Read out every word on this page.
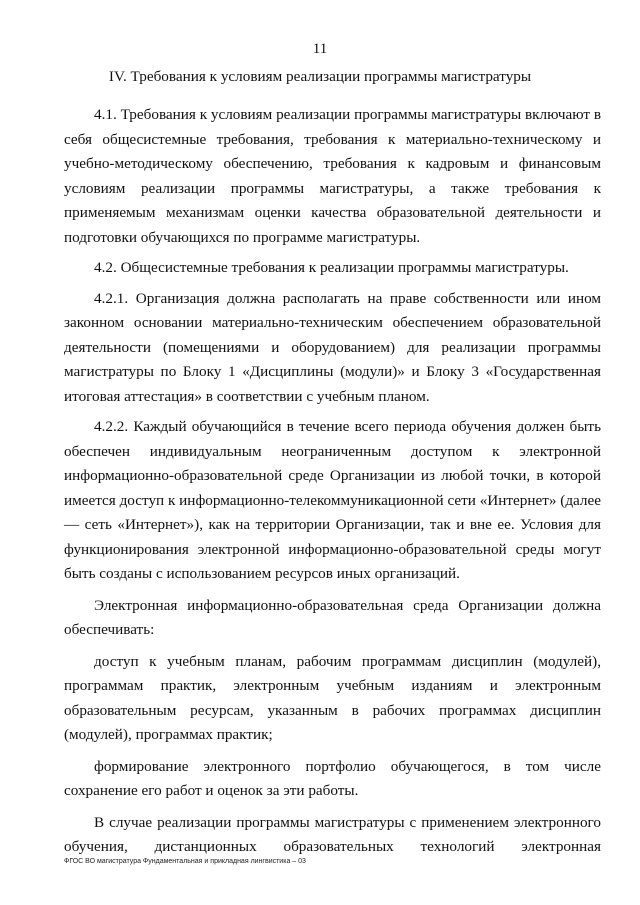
11
IV. Требования к условиям реализации программы магистратуры

4.1. Требования к условиям реализации программы магистратуры включают в себя общесистемные требования, требования к материально-техническому и учебно-методическому обеспечению, требования к кадровым и финансовым условиям реализации программы магистратуры, а также требования к применяемым механизмам оценки качества образовательной деятельности и подготовки обучающихся по программе магистратуры.

4.2. Общесистемные требования к реализации программы магистратуры.

4.2.1. Организация должна располагать на праве собственности или ином законном основании материально-техническим обеспечением образовательной деятельности (помещениями и оборудованием) для реализации программы магистратуры по Блоку 1 «Дисциплины (модули)» и Блоку 3 «Государственная итоговая аттестация» в соответствии с учебным планом.

4.2.2. Каждый обучающийся в течение всего периода обучения должен быть обеспечен индивидуальным неограниченным доступом к электронной информационно-образовательной среде Организации из любой точки, в которой имеется доступ к информационно-телекоммуникационной сети «Интернет» (далее — сеть «Интернет»), как на территории Организации, так и вне ее. Условия для функционирования электронной информационно-образовательной среды могут быть созданы с использованием ресурсов иных организаций.

Электронная информационно-образовательная среда Организации должна обеспечивать:

доступ к учебным планам, рабочим программам дисциплин (модулей), программам практик, электронным учебным изданиям и электронным образовательным ресурсам, указанным в рабочих программах дисциплин (модулей), программах практик;

формирование электронного портфолио обучающегося, в том числе сохранение его работ и оценок за эти работы.

В случае реализации программы магистратуры с применением электронного обучения, дистанционных образовательных технологий электронная

ФГОС ВО магистратура Фундаментальная и прикладная лингвистика – 03
